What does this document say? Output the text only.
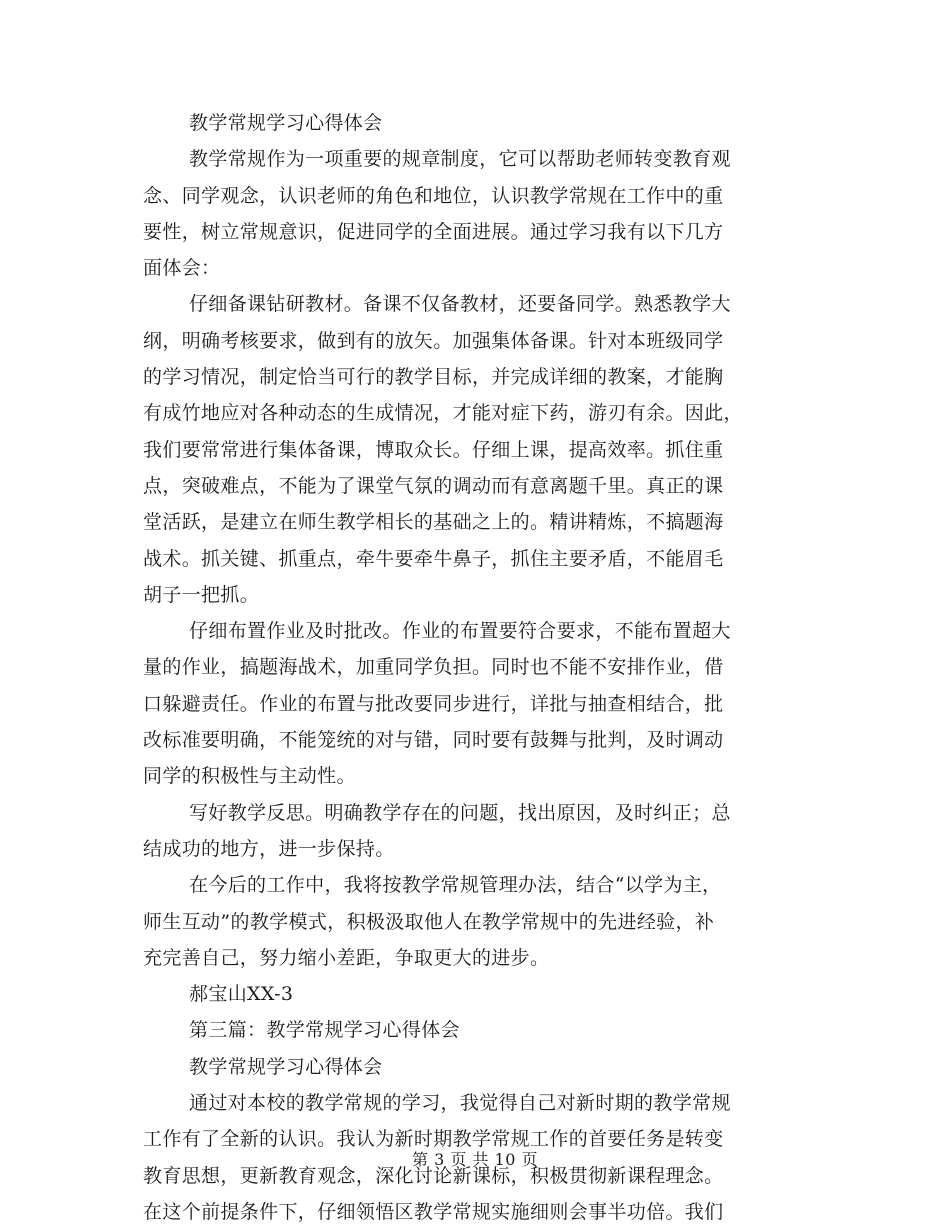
教学常规学习心得体会
教学常规作为一项重要的规章制度，它可以帮助老师转变教育观
念、同学观念，认识老师的角色和地位，认识教学常规在工作中的重
要性，树立常规意识，促进同学的全面进展。通过学习我有以下几方
面体会：
仔细备课钻研教材。备课不仅备教材，还要备同学。熟悉教学大
纲，明确考核要求，做到有的放矢。加强集体备课。针对本班级同学
的学习情况，制定恰当可行的教学目标，并完成详细的教案，才能胸
有成竹地应对各种动态的生成情况，才能对症下药，游刃有余。因此，
我们要常常进行集体备课，博取众长。仔细上课，提高效率。抓住重
点，突破难点，不能为了课堂气氛的调动而有意离题千里。真正的课
堂活跃，是建立在师生教学相长的基础之上的。精讲精炼，不搞题海
战术。抓关键、抓重点，牵牛要牵牛鼻子，抓住主要矛盾，不能眉毛
胡子一把抓。
仔细布置作业及时批改。作业的布置要符合要求，不能布置超大
量的作业，搞题海战术，加重同学负担。同时也不能不安排作业，借
口躲避责任。作业的布置与批改要同步进行，详批与抽查相结合，批
改标准要明确，不能笼统的对与错，同时要有鼓舞与批判，及时调动
同学的积极性与主动性。
写好教学反思。明确教学存在的问题，找出原因，及时纠正；总
结成功的地方，进一步保持。
在今后的工作中，我将按教学常规管理办法，结合“以学为主，
师生互动”的教学模式，积极汲取他人在教学常规中的先进经验，补
充完善自己，努力缩小差距，争取更大的进步。
郝宝山XX-3
第三篇：教学常规学习心得体会
教学常规学习心得体会
通过对本校的教学常规的学习，我觉得自己对新时期的教学常规
工作有了全新的认识。我认为新时期教学常规工作的首要任务是转变
教育思想，更新教育观念，深化讨论新课标，积极贯彻新课程理念。
在这个前提条件下，仔细领悟区教学常规实施细则会事半功倍。我们
第 3 页 共 10 页
